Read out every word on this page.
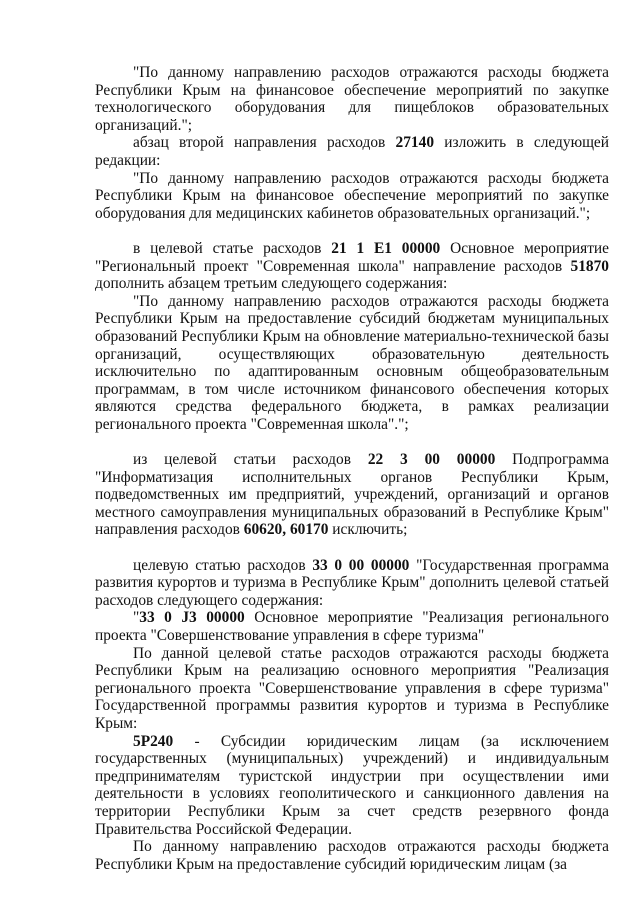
"По данному направлению расходов отражаются расходы бюджета Республики Крым на финансовое обеспечение мероприятий по закупке технологического оборудования для пищеблоков образовательных организаций.";

абзац второй направления расходов 27140 изложить в следующей редакции:

"По данному направлению расходов отражаются расходы бюджета Республики Крым на финансовое обеспечение мероприятий по закупке оборудования для медицинских кабинетов образовательных организаций.";

в целевой статье расходов 21 1 E1 00000 Основное мероприятие "Региональный проект "Современная школа" направление расходов 51870 дополнить абзацем третьим следующего содержания:

"По данному направлению расходов отражаются расходы бюджета Республики Крым на предоставление субсидий бюджетам муниципальных образований Республики Крым на обновление материально-технической базы организаций, осуществляющих образовательную деятельность исключительно по адаптированным основным общеобразовательным программам, в том числе источником финансового обеспечения которых являются средства федерального бюджета, в рамках реализации регионального проекта "Современная школа".";

из целевой статьи расходов 22 3 00 00000 Подпрограмма "Информатизация исполнительных органов Республики Крым, подведомственных им предприятий, учреждений, организаций и органов местного самоуправления муниципальных образований в Республике Крым" направления расходов 60620, 60170 исключить;

целевую статью расходов 33 0 00 00000 "Государственная программа развития курортов и туризма в Республике Крым" дополнить целевой статьей расходов следующего содержания:

"33 0 J3 00000 Основное мероприятие "Реализация регионального проекта "Совершенствование управления в сфере туризма"

По данной целевой статье расходов отражаются расходы бюджета Республики Крым на реализацию основного мероприятия "Реализация регионального проекта "Совершенствование управления в сфере туризма" Государственной программы развития курортов и туризма в Республике Крым:

5P240 - Субсидии юридическим лицам (за исключением государственных (муниципальных) учреждений) и индивидуальным предпринимателям туристской индустрии при осуществлении ими деятельности в условиях геополитического и санкционного давления на территории Республики Крым за счет средств резервного фонда Правительства Российской Федерации.

По данному направлению расходов отражаются расходы бюджета Республики Крым на предоставление субсидий юридическим лицам (за
